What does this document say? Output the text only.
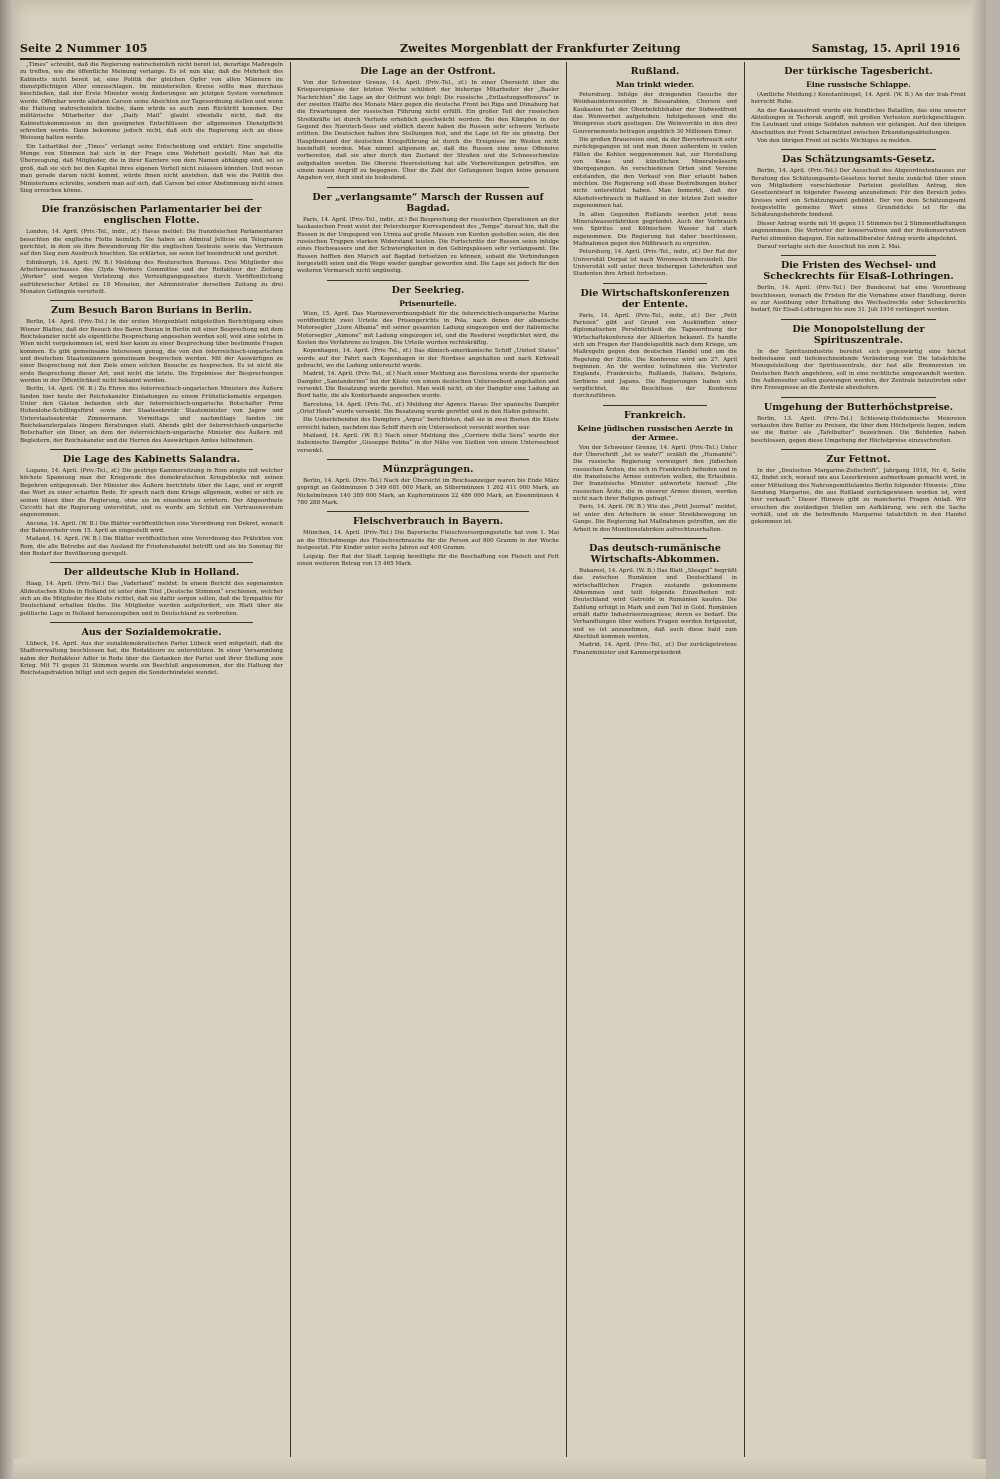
Seite 2 Nummer 105	Zweites Morgenblatt der Frankfurter Zeitung	Samstag, 15. April 1916

„Times“ schreibt, daß die Regierung wahrscheinlich nicht bereit ist, derartige Maßregeln zu treffen, wie die öffentliche Meinung verlange. Es ist nun klar, daß die Mehrheit des Kabinetts nicht bereit ist, eine Politik der gleichen Opfer von allen Männern im dienstpflichtigen Alter einzuschlagen. Im ministeriellen Kreise sollte man durchaus beschließen, daß der Erste Minister wenig Änderungen am jetzigen System vornehmen werde. Offenbar werde alsdann Carson seine Absichten zur Tagesordnung stellen und wenn die Haltung wahrscheinlich bleibe, dann würde es auch zum Rücktritt kommen. Der militärische Mitarbeiter der „Daily Mail“ glaubt ebenfalls nicht, daß die Kabinettskommission zu den geeigneten Entschlüssen der allgemeinen Dienstpflicht schreiten werde. Dann bekomme jedoch nicht, daß sich die Regierung sich an diese Weisung halten werde.

Ein Leitartikel der „Times“ verlangt seine Entscheidung und erklärt: Eine ungeteilte Menge von Stimmen hat sich in der Frage eine Wehrheit gestellt. Man hat die Überzeugung, daß Mitglieder, die in ihrer Karriere von dem Namen abhängig sind, sei so groß, daß sie sich bei den Kapitel ihres eigenen Vorteil nicht zulassen könnten. Und woran man gerade darum nicht kommt, würde ihnen nicht anstehen, daß wie die Politik des Ministeriums schreibe, sondern man auf sich, daß Carson bei einer Abstimmung nicht einen Sieg erreichen könne.

Die französischen Parlamentarier bei der englischen Flotte.

London, 14. April. (Priv.-Tel., indir., zf.) Havas meldet: Die französischen Parlamentarier besuchten die englische Flotte heimlich. Sie haben an Admiral Jellicoe ein Telegramm gerichtet, in dem sie ihre Bewunderung für die englischen Seeleute sowie das Vertrauen auf den Sieg zum Ausdruck brachten. Sie erklärten, sie seien tief beeindruckt und gerührt.

Edinburgh, 14. April. (W. B.) Meldung des Reuterschen Bureaus. Drei Mitglieder des Arbeiterausschusses des Clyde Workers Committee und der Redakteur der Zeitung „Worker“ sind wegen Verletzung des Verteidigungsgesetzes durch Veröffentlichung aufrührerischer Artikel zu 18 Monaten, der Administrator derselben Zeitung zu drei Monaten Gefängnis verurteilt.

Zum Besuch Baron Burians in Berlin.

Berlin, 14. April. (Priv.-Tel.) In der ersten Morgenblatt mitgeteilten Berichtigung eines Wiener Blattes, daß der Besuch des Baron Burian in Berlin mit einer Besprechung mit dem Reichskanzler nicht als eigentliche Besprechung angesehen werden soll, weil eine solche in Wien nicht vorgekommen ist, wird hier kaum zu einer Besprechung über bestimmte Fragen kommen. Es gibt gemeinsame Interessen genug, die von den österreichisch-ungarischen und deutschen Staatsmännern gemeinsam besprochen werden. Mit der Auswärtigen zu einer Besprechung mit den Ziele einen solchen Besuche zu besprechen. Es ist nicht die erste Besprechung dieser Art, und nicht die letzte. Die Ergebnisse der Besprechungen werden in der Öffentlichkeit nicht bekannt werden.

Berlin, 14. April. (W. B.) Zu Ehren des österreichisch-ungarischen Ministers des Äußern fanden hier heute der Reichskanzler Einladungen zu einem Frühstücksmahle ergangen. Unter den Gästen befanden sich der österreichisch-ungarische Botschafter Prinz Hohenlohe-Schillingsfürst sowie der Staatssekretär Staatsminister von Jagow und Unterstaatssekretär Zimmermann. Vormittags und nachmittags fanden im Reichskanzlerpalais längere Beratungen statt. Abends gibt der österreichisch-ungarische Botschafter ein Diner, an dem der österreichisch-ungarische Minister des Äußern mit Begleitern, der Reichskanzler und die Herren des Auswärtigen Amtes teilnehmen.

Die Lage des Kabinetts Salandra.

Lugano, 14. April. (Priv.-Tel., zf.) Die gestrige Kammersitzung in Rom zeigte mit welcher höchste Spannung man der Kriegsrede des demokratischen Kriegsblocks mit seinen Begehren entgegensah. Der Minister des Äußern berichtete über die Lage, und er ergriff das Wort zu einer scharfen Rede. Er sprach nach dem Kriege allgemein, wobei er sich zu seinen Ideen über die Regierung, ohne sie im einzelnen zu erörtern. Der Abgeordnete Ciccotti hat die Regierung unterstützt, und es wurde am Schluß ein Vertrauensvotum angenommen.

Ancona, 14. April. (W. B.) Die Blätter veröffentlichen eine Verordnung von Dekret, wonach der Bahnverkehr vom 15. April an eingestellt wird.

Mailand, 14. April. (W. B.) Die Blätter veröffentlichen eine Verordnung des Präfekten von Rom, die alle Betreibe auf das Ausland für Friedenshandel betrifft und sie bis Sonntag für den Bedarf der Bevölkerung geregelt.

Der alldeutsche Klub in Holland.

Haag, 14. April. (Priv.-Tel.) Das „Vaderland“ meldet: In einem Bericht des sogenannten Alldeutschen Klubs in Holland ist unter dem Titel „Deutsche Stimmen“ erschienen, welcher sich an die Mitglieder des Klubs richtet, daß sie dafür sorgen sollen, daß die Sympathie für Deutschland erhalten bleibe. Die Mitglieder werden aufgefordert, ein Blatt über die politische Lage in Holland herauszugeben und in Deutschland zu verbreiten.

Aus der Sozialdemokratie.

Lübeck, 14. April. Aus der sozialdemokratischen Partei Lübeck wird mitgeteilt, daß die Stadtverwaltung beschlossen hat, die Redakteure zu unterstützen. In einer Versammlung nahm der Redakteur Adler in Rede über die Gedanken der Partei und ihrer Stellung zum Krieg. Mit 71 gegen 31 Stimmen wurde ein Beschluß angenommen, der die Haltung der Reichstagsfraktion billigt und sich gegen die Sonderbündelei wendet.

Die Lage an der Ostfront.

Von der Schweizer Grenze, 14. April. (Priv.-Tel., zf.) In einer Übersicht über die Kriegsereignisse der letzten Woche schildert der bisherige Mitarbeiter der „Basler Nachrichten“ die Lage an der Ostfront wie folgt: Die russische „Entlastungsoffensive“ in der zweiten Hälfte des Monats März gegen die deutsche Front bei Riga und Dünaburg hat die Erwartungen der russischen Führung nicht erfüllt. Ein großer Teil der russischen Streitkräfte ist durch Verluste erheblich geschwächt worden. Bei den Kämpfen in der Gegend des Narotsch-Sees und südlich davon haben die Russen sehr schwere Verluste erlitten. Die Deutschen halten ihre Stellungen fest, und die Lage ist für sie günstig. Der Hauptbestand der deutschen Kriegsführung ist durch die Ereignisse im Westen nicht beeinflußt worden. Man nimmt allgemein an, daß die Russen eine neue Offensive vorbereiten, daß sie aber durch den Zustand der Straßen und die Schneeschmelze aufgehalten werden. Die Oberste Heeresleitung hat alle Vorbereitungen getroffen, um einem neuen Angriff zu begegnen. Über die Zahl der Gefangenen liegen keine genauen Angaben vor, doch sind sie bedeutend.

Der „verlangsamte“ Marsch der Russen auf Bagdad.

Paris, 14. April. (Priv.-Tel., indir., zf.) Bei Besprechung der russischen Operationen an der kaukasischen Front weist der Petersburger Korrespondent des „Temps“ darauf hin, daß die Russen in der Umgegend von Urmia auf große Massen von Kurden gestoßen seien, die den russischen Truppen starken Widerstand leisten. Die Fortschritte der Russen seien infolge eines Hochwassers und der Schwierigkeiten in den Gebirgspässen sehr verlangsamt. Die Russen hofften den Marsch auf Bagdad fortsetzen zu können, sobald die Verbindungen hergestellt seien und die Wege wieder gangbar geworden sind. Die Lage sei jedoch für den weiteren Vormarsch nicht ungünstig.

Der Seekrieg.
Prisenurteile.

Wien, 15. April. Das Marineverordnungsblatt für die österreichisch-ungarische Marine veröffentlicht zwei Urteile des Prisengerichts in Pola, nach denen der albanische Motorsegler „Liore Albania“ mit seiner gesamten Ladung eingezogen und der italienische Motorsegler „Aimone“ mit Ladung eingezogen ist, und die Reederei verpflichtet wird, die Kosten des Verfahrens zu tragen. Die Urteile wurden rechtskräftig.

Kopenhagen, 14. April. (Priv.-Tel., zf.) Das dänisch-amerikanische Schiff „United States“ wurde auf der Fahrt nach Kopenhagen in der Nordsee angehalten und nach Kirkwall gebracht, wo die Ladung untersucht wurde.

Madrid, 14. April. (Priv.-Tel., zf.) Nach einer Meldung aus Barcelona wurde der spanische Dampfer „Santanderino“ bei der Küste von einem deutschen Unterseeboot angehalten und versenkt. Die Besatzung wurde gerettet. Man weiß nicht, ob der Dampfer eine Ladung an Bord hatte, die als Konterbande angesehen wurde.

Barcelona, 14. April. (Priv.-Tel., zf.) Meldung der Agence Havas: Der spanische Dampfer „Orlof Hoeh“ wurde versenkt. Die Besatzung wurde gerettet und in den Hafen gebracht.

Die Ueberlebenden des Dampfers „Argus“ berichteten, daß sie in zwei Booten die Küste erreicht haben, nachdem das Schiff durch ein Unterseeboot versenkt worden war.

Mailand, 14. April. (W. B.) Nach einer Meldung des „Corriere della Sera“ wurde der italienische Dampfer „Giuseppe Rebba“ in der Nähe von Sizilien von einem Unterseeboot versenkt.

Münzprägungen.

Berlin, 14. April. (Priv.-Tel.) Nach der Übersicht im Reichsanzeiger waren bis Ende März geprägt an Goldmünzen 5 349 681 000 Mark, an Silbermünzen 1 262 411 000 Mark, an Nickelmünzen 140 389 000 Mark, an Kupfermünzen 22 486 000 Mark, an Eisenmünzen 4 780 288 Mark.

Fleischverbrauch in Bayern.

München, 14. April. (Priv.-Tel.) Die Bayerische Fleischversorgungsstelle hat vom 1. Mai an die Höchstmenge des Fleischverbrauchs für die Person auf 800 Gramm in der Woche festgesetzt. Für Kinder unter sechs Jahren auf 400 Gramm.

Leipzig. Der Rat der Stadt Leipzig bewilligte für die Beschaffung von Fleisch und Fett einen weiteren Betrag von 15 465 Mark.

Rußland.
Man trinkt wieder.

Petersburg. Infolge der dringenden Gesuche der Weinbauinteressenten in Bessarabien, Cherson und Kaukasien hat der Oberbefehlshaber der Südwestfront das Weinverbot aufgehoben. Infolgedessen sind die Weinpreise stark gestiegen. Die Weinvorräte in den drei Gouvernements betragen angeblich 30 Millionen Eimer.

Die großen Brauereien sind, da der Bierverbrauch sehr zurückgegangen ist und man ihnen außerdem in vielen Fällen die Kohlen weggenommen hat, zur Herstellung von Kwas und künstlichen Mineralwässern übergegangen. An verschiedenen Orten sind Vereine entstanden, die den Verkauf von Bier erlaubt haben möchten. Die Regierung soll diese Bestrebungen bisher nicht unterstützt haben. Man bemerkt, daß der Alkoholverbrauch in Rußland in der letzten Zeit wieder zugenommen hat.

In allen Gegenden Rußlands werden jetzt neue Mineralwasserfabriken gegründet. Auch der Verbrauch von Spiritus und Kölnischem Wasser hat stark zugenommen. Die Regierung hat daher beschlossen, Maßnahmen gegen den Mißbrauch zu ergreifen.

Petersburg, 14. April. (Priv.-Tel., indir., zf.) Der Rat der Universität Dorpat ist nach Woronesch übersiedelt. Die Universität soll unter ihren bisherigen Lehrkräften und Studenten ihre Arbeit fortsetzen.

Die Wirtschaftskonferenzen der Entente.

Paris, 14. April. (Priv.-Tel., indir., zf.) Der „Petit Parisien“ gibt auf Grund von Auskünften einer diplomatischen Persönlichkeit die Tagesordnung der Wirtschaftskonferenz der Alliierten bekannt. Es handle sich um Fragen der Handelspolitik nach dem Kriege, um Maßregeln gegen den deutschen Handel und um die Regelung der Zölle. Die Konferenz wird am 27. April beginnen. An ihr werden teilnehmen die Vertreter Englands, Frankreichs, Rußlands, Italiens, Belgiens, Serbiens und Japans. Die Regierungen haben sich verpflichtet, die Beschlüsse der Konferenz durchzuführen.

Frankreich.
Keine jüdischen russischen Aerzte in der Armee.

Von der Schweizer Grenze, 14. April. (Priv.-Tel.) Unter der Überschrift „Ist es wahr?“ erzählt die „Humanité“: Die russische Regierung verweigert den jüdischen russischen Ärzten, die sich in Frankreich befinden und in die französische Armee eintreten wollen, die Erlaubnis. Der französische Minister antwortete hierauf: „Die russischen Ärzte, die in unserer Armee dienen, werden nicht nach ihrer Religion gefragt.“

Paris, 14. April. (W. B.) Wie das „Petit Journal“ meldet, ist unter den Arbeitern in einer Streikbewegung im Gange. Die Regierung hat Maßnahmen getroffen, um die Arbeit in den Munitionsfabriken aufrechtzuerhalten.

Das deutsch-rumänische Wirtschafts-Abkommen.

Bukarest, 14. April. (W. B.) Das Blatt „Steagul“ begrüßt das zwischen Rumänien und Deutschland in wirtschaftlichen Fragen zustande gekommene Abkommen und teilt folgende Einzelheiten mit: Deutschland wird Getreide in Rumänien kaufen. Die Zahlung erfolgt in Mark und zum Teil in Gold. Rumänien erhält dafür Industrieerzeugnisse, deren es bedarf. Die Verhandlungen über weitere Fragen werden fortgesetzt, und es ist anzunehmen, daß auch diese bald zum Abschluß kommen werden.

Madrid, 14. April. (Priv.-Tel., zf.) Der zurückgetretene Finanzminister und Kammerpräsident

Der türkische Tagesbericht.
Eine russische Schlappe.

(Amtliche Meldung.) Konstantinopel, 14. April. (W. B.) An der Irak-Front herrscht Ruhe.

An der Kaukasusfront wurde ein feindliches Bataillon, das eine unserer Abteilungen in Tschoruk angriff, mit großen Verlusten zurückgeschlagen. Ein Leutnant und einige Soldaten nahmen wir gefangen. Auf den übrigen Abschnitten der Front Scharmützel zwischen Erkundungsabteilungen.

Von den übrigen Front ist nichts Wichtiges zu melden.

Das Schätzungsamts-Gesetz.

Berlin, 14. April. (Priv.-Tel.) Der Ausschuß des Abgeordnetenhauses zur Beratung des Schätzungsamts-Gesetzes beriet heute zunächst über einen von Mitgliedern verschiedener Parteien gestellten Antrag, den Gesetzentwurf in folgender Fassung anzunehmen: Für den Bereich jedes Kreises wird ein Schätzungsamt gebildet. Der von dem Schätzungsamt festgestellte gemeine Wert eines Grundstücks ist für die Schätzungsbehörde bindend.

Dieser Antrag wurde mit 16 gegen 11 Stimmen bei 2 Stimmenthaltungen angenommen. Die Vertreter der konservativen und der freikonservativen Partei stimmten dagegen. Ein nationalliberaler Antrag wurde abgelehnt.

Darauf vertagte sich der Ausschuß bis zum 2. Mai.

Die Fristen des Wechsel- und Scheckrechts für Elsaß-Lothringen.

Berlin, 14. April. (Priv.-Tel.) Der Bundesrat hat eine Verordnung beschlossen, wonach die Fristen für die Vornahme einer Handlung, deren es zur Ausübung oder Erhaltung des Wechselrechts oder Scheckrechts bedarf, für Elsaß-Lothringen bis zum 31. Juli 1916 verlängert werden.

Die Monopolstellung der Spirituszentrale.

In der Spiritusindustrie bereitet sich gegenwärtig eine höchst bedeutsame und tiefeinschneidende Veränderung vor. Die tatsächliche Monopolstellung der Spirituszentrale, der fast alle Brennereien im Deutschen Reich angehören, soll in eine rechtliche umgewandelt werden. Die Außenseiter sollen gezwungen werden, der Zentrale beizutreten oder ihre Erzeugnisse an die Zentrale abzuliefern.

Umgehung der Butterhöchstpreise.

Berlin, 13. April. (Priv.-Tel.) Schleswig-Holsteinische Meiereien verkaufen ihre Butter zu Preisen, die über dem Höchstpreis liegen, indem sie die Butter als „Tafelbutter“ bezeichnen. Die Behörden haben beschlossen, gegen diese Umgehung der Höchstpreise einzuschreiten.

Zur Fettnot.

In der „Deutschen Margarine-Zeitschrift“, Jahrgang 1916, Nr. 6, Seite 42, findet sich, worauf uns aus Leserkreisen aufmerksam gemacht wird, in einer Mitteilung des Nahrungsmittelamtes Berlin folgender Hinweis: „Eine Sendung Margarine, die aus Rußland zurückgewiesen worden ist, wird hier verkauft.“ Dieser Hinweis gibt zu mancherlei Fragen Anlaß. Wir ersuchen die zuständigen Stellen um Aufklärung, wie sich die Sache verhält, und ob die betreffende Margarine tatsächlich in den Handel gekommen ist.
